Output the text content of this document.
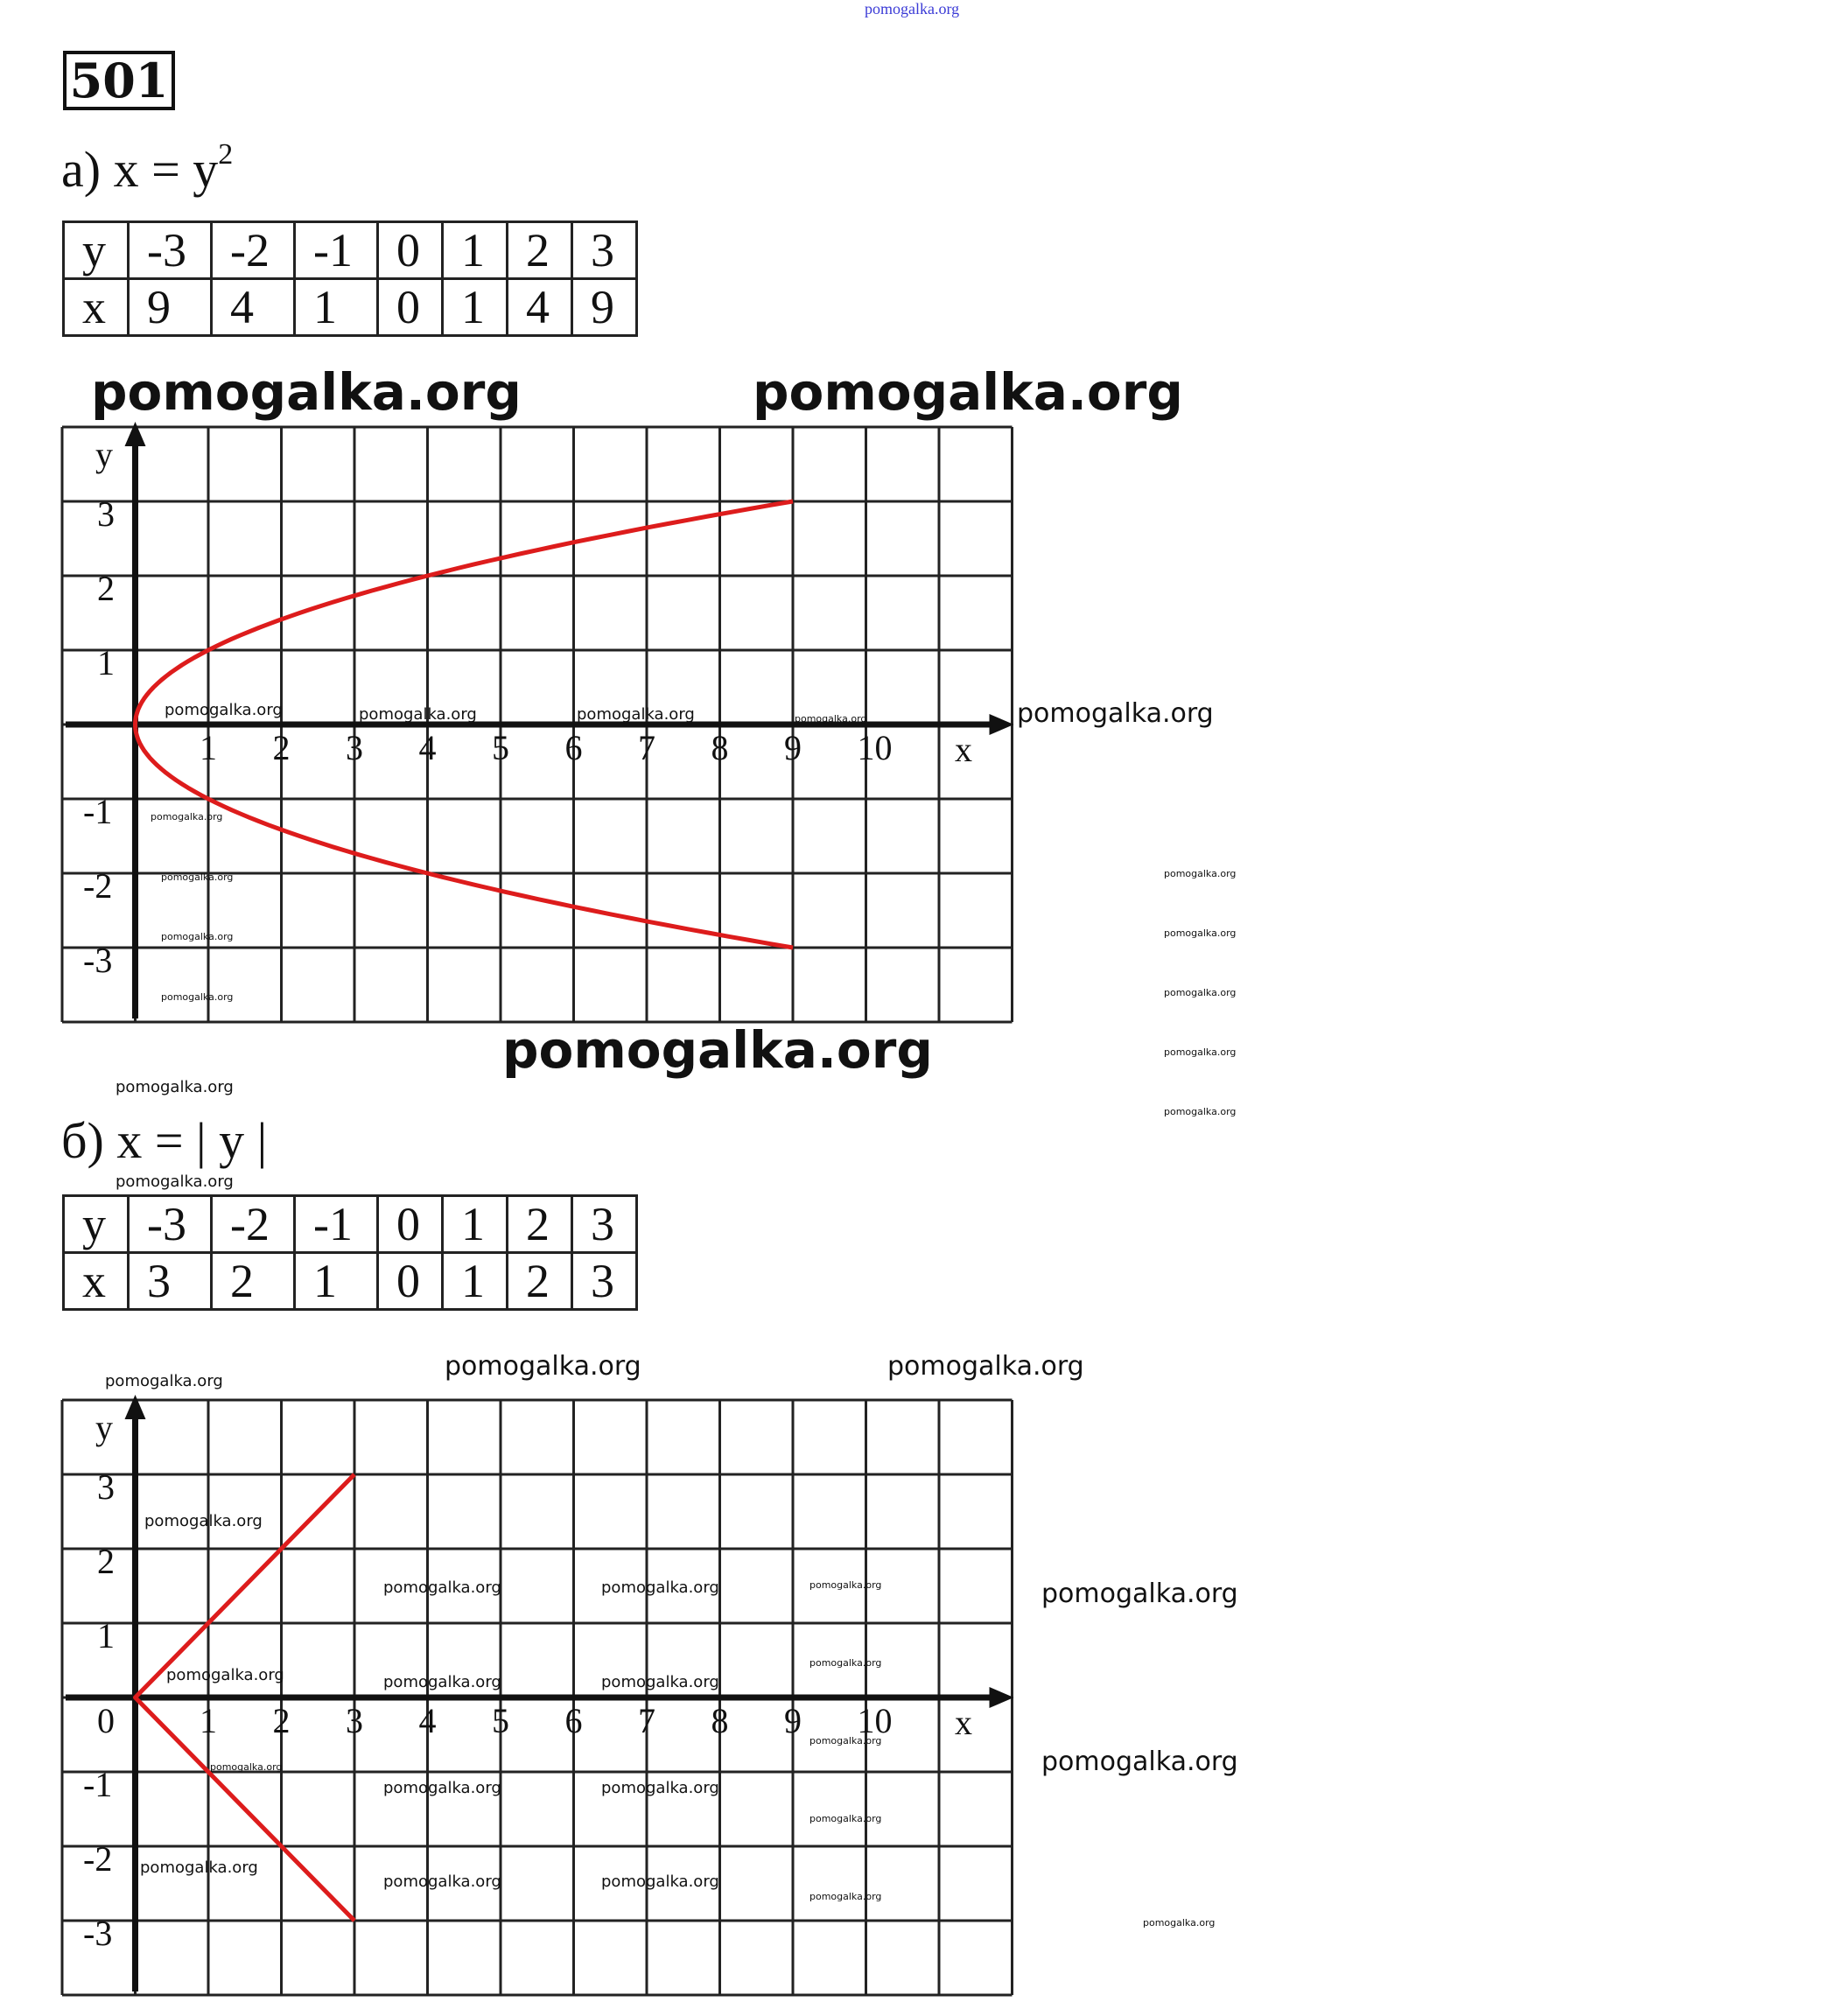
pomogalka.org
501
а) $x = y^2$
y	-3	-2	-1	0	1	2	3
x	9	4	1	0	1	4	9
1 2 3 4 5 6 7 8 9 10 x
y
3
2
1
-1
-2
-3
б) x = | y |
y	-3	-2	-1	0	1	2	3
x	3	2	1	0	1	2	3
1 2 3 4 5 6 7 8 9 10 x
y
3
2
1
-1
-2
-3
0
pomogalka.org	pomogalka.org
pomogalka.org
pomogalka.org	pomogalka.org	pomogalka.org	pomogalka.org
pomogalka.org
pomogalka.org
pomogalka.org
pomogalka.org
pomogalka.org
pomogalka.org
pomogalka.org
pomogalka.org
pomogalka.org
pomogalka.org
pomogalka.org
pomogalka.org
pomogalka.org	pomogalka.org
pomogalka.org
pomogalka.org
pomogalka.org	pomogalka.org	pomogalka.org	pomogalka.org
pomogalka.org
pomogalka.org
pomogalka.org	pomogalka.org
pomogalka.org
pomogalka.org
pomogalka.org
pomogalka.org	pomogalka.org
pomogalka.org
pomogalka.org
pomogalka.org	pomogalka.org
pomogalka.org
pomogalka.org
